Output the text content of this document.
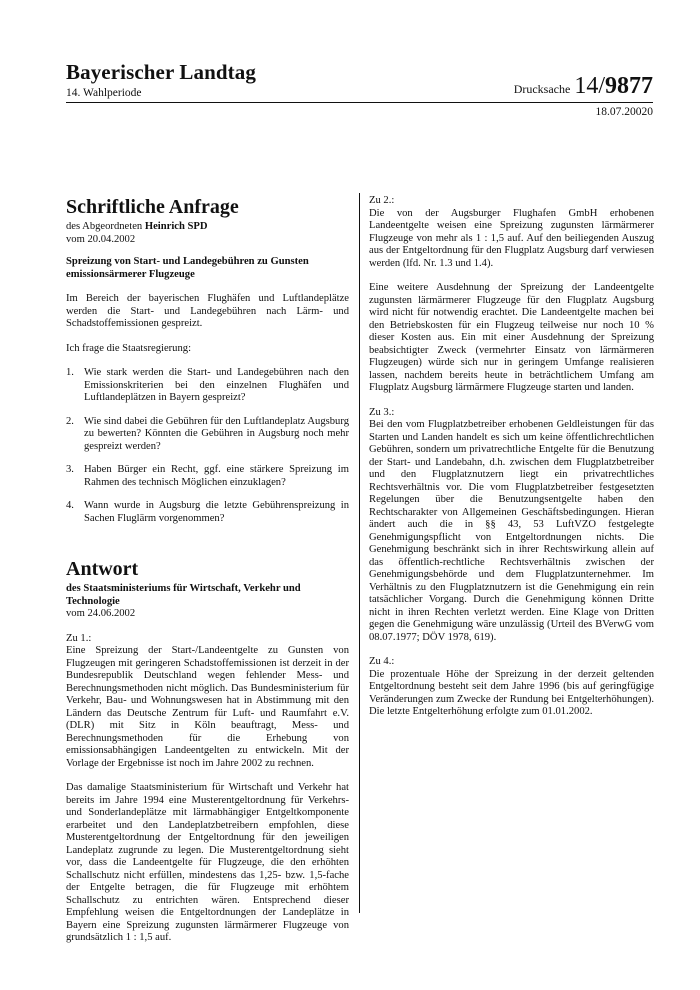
Bayerischer Landtag
14. Wahlperiode	Drucksache 14/9877
18.07.20020
Schriftliche Anfrage

des Abgeordneten Heinrich SPD

vom 20.04.2002

Spreizung von Start- und Landegebühren zu Gunsten emissionsärmerer Flugzeuge

Im Bereich der bayerischen Flughäfen und Luftlandeplätze werden die Start- und Landegebühren nach Lärm- und Schadstoffemissionen gespreizt.

Ich frage die Staatsregierung:

1. Wie stark werden die Start- und Landegebühren nach den Emissionskriterien bei den einzelnen Flughäfen und Luftlandeplätzen in Bayern gespreizt?
2. Wie sind dabei die Gebühren für den Luftlandeplatz Augsburg zu bewerten? Könnten die Gebühren in Augsburg noch mehr gespreizt werden?
3. Haben Bürger ein Recht, ggf. eine stärkere Spreizung im Rahmen des technisch Möglichen einzuklagen?
4. Wann wurde in Augsburg die letzte Gebührenspreizung in Sachen Fluglärm vorgenommen?
Antwort

des Staatsministeriums für Wirtschaft, Verkehr und Technologie

vom 24.06.2002

Zu 1.:

Eine Spreizung der Start-/Landeentgelte zu Gunsten von Flugzeugen mit geringeren Schadstoffemissionen ist derzeit in der Bundesrepublik Deutschland wegen fehlender Mess- und Berechnungsmethoden nicht möglich. Das Bundesministerium für Verkehr, Bau- und Wohnungswesen hat in Abstimmung mit den Ländern das Deutsche Zentrum für Luft- und Raumfahrt e.V. (DLR) mit Sitz in Köln beauftragt, Mess- und Berechnungsmethoden für die Erhebung von emissionsabhängigen Landeentgelten zu entwickeln. Mit der Vorlage der Ergebnisse ist noch im Jahre 2002 zu rechnen.

Das damalige Staatsministerium für Wirtschaft und Verkehr hat bereits im Jahre 1994 eine Musterentgeltordnung für Verkehrs- und Sonderlandeplätze mit lärmabhängiger Entgeltkomponente erarbeitet und den Landeplatzbetreibern empfohlen, diese Musterentgeltordnung der Entgeltordnung für den jeweiligen Landeplatz zugrunde zu legen. Die Musterentgeltordnung sieht vor, dass die Landeentgelte für Flugzeuge, die den erhöhten Schallschutz nicht erfüllen, mindestens das 1,25- bzw. 1,5-fache der Entgelte betragen, die für Flugzeuge mit erhöhtem Schallschutz zu entrichten wären. Entsprechend dieser Empfehlung weisen die Entgeltordnungen der Landeplätze in Bayern eine Spreizung zugunsten lärmärmerer Flugzeuge von grundsätzlich 1 : 1,5 auf.

Zu 2.:

Die von der Augsburger Flughafen GmbH erhobenen Landeentgelte weisen eine Spreizung zugunsten lärmärmerer Flugzeuge von mehr als 1 : 1,5 auf. Auf den beiliegenden Auszug aus der Entgeltordnung für den Flugplatz Augsburg darf verwiesen werden (lfd. Nr. 1.3 und 1.4).

Eine weitere Ausdehnung der Spreizung der Landeentgelte zugunsten lärmärmerer Flugzeuge für den Flugplatz Augsburg wird nicht für notwendig erachtet. Die Landeentgelte machen bei den Betriebskosten für ein Flugzeug teilweise nur noch 10 % dieser Kosten aus. Ein mit einer Ausdehnung der Spreizung beabsichtigter Zweck (vermehrter Einsatz von lärmärmeren Flugzeugen) würde sich nur in geringem Umfange realisieren lassen, nachdem bereits heute in beträchtlichem Umfang am Flugplatz Augsburg lärmärmere Flugzeuge starten und landen.

Zu 3.:

Bei den vom Flugplatzbetreiber erhobenen Geldleistungen für das Starten und Landen handelt es sich um keine öffentlichrechtlichen Gebühren, sondern um privatrechtliche Entgelte für die Benutzung der Start- und Landebahn, d.h. zwischen dem Flugplatzbetreiber und den Flugplatznutzern liegt ein privatrechtliches Rechtsverhältnis vor. Die vom Flugplatzbetreiber festgesetzten Regelungen über die Benutzungsentgelte haben den Rechtscharakter von Allgemeinen Geschäftsbedingungen. Hieran ändert auch die in §§ 43, 53 LuftVZO festgelegte Genehmigungspflicht von Entgeltordnungen nichts. Die Genehmigung beschränkt sich in ihrer Rechtswirkung allein auf das öffentlich-rechtliche Rechtsverhältnis zwischen der Genehmigungsbehörde und dem Flugplatzunternehmer. Im Verhältnis zu den Flugplatznutzern ist die Genehmigung ein rein tatsächlicher Vorgang. Durch die Genehmigung können Dritte nicht in ihren Rechten verletzt werden. Eine Klage von Dritten gegen die Genehmigung wäre unzulässig (Urteil des BVerwG vom 08.07.1977; DÖV 1978, 619).

Zu 4.:

Die prozentuale Höhe der Spreizung in der derzeit geltenden Entgeltordnung besteht seit dem Jahre 1996 (bis auf geringfügige Veränderungen zum Zwecke der Rundung bei Entgelterhöhungen). Die letzte Entgelterhöhung erfolgte zum 01.01.2002.
